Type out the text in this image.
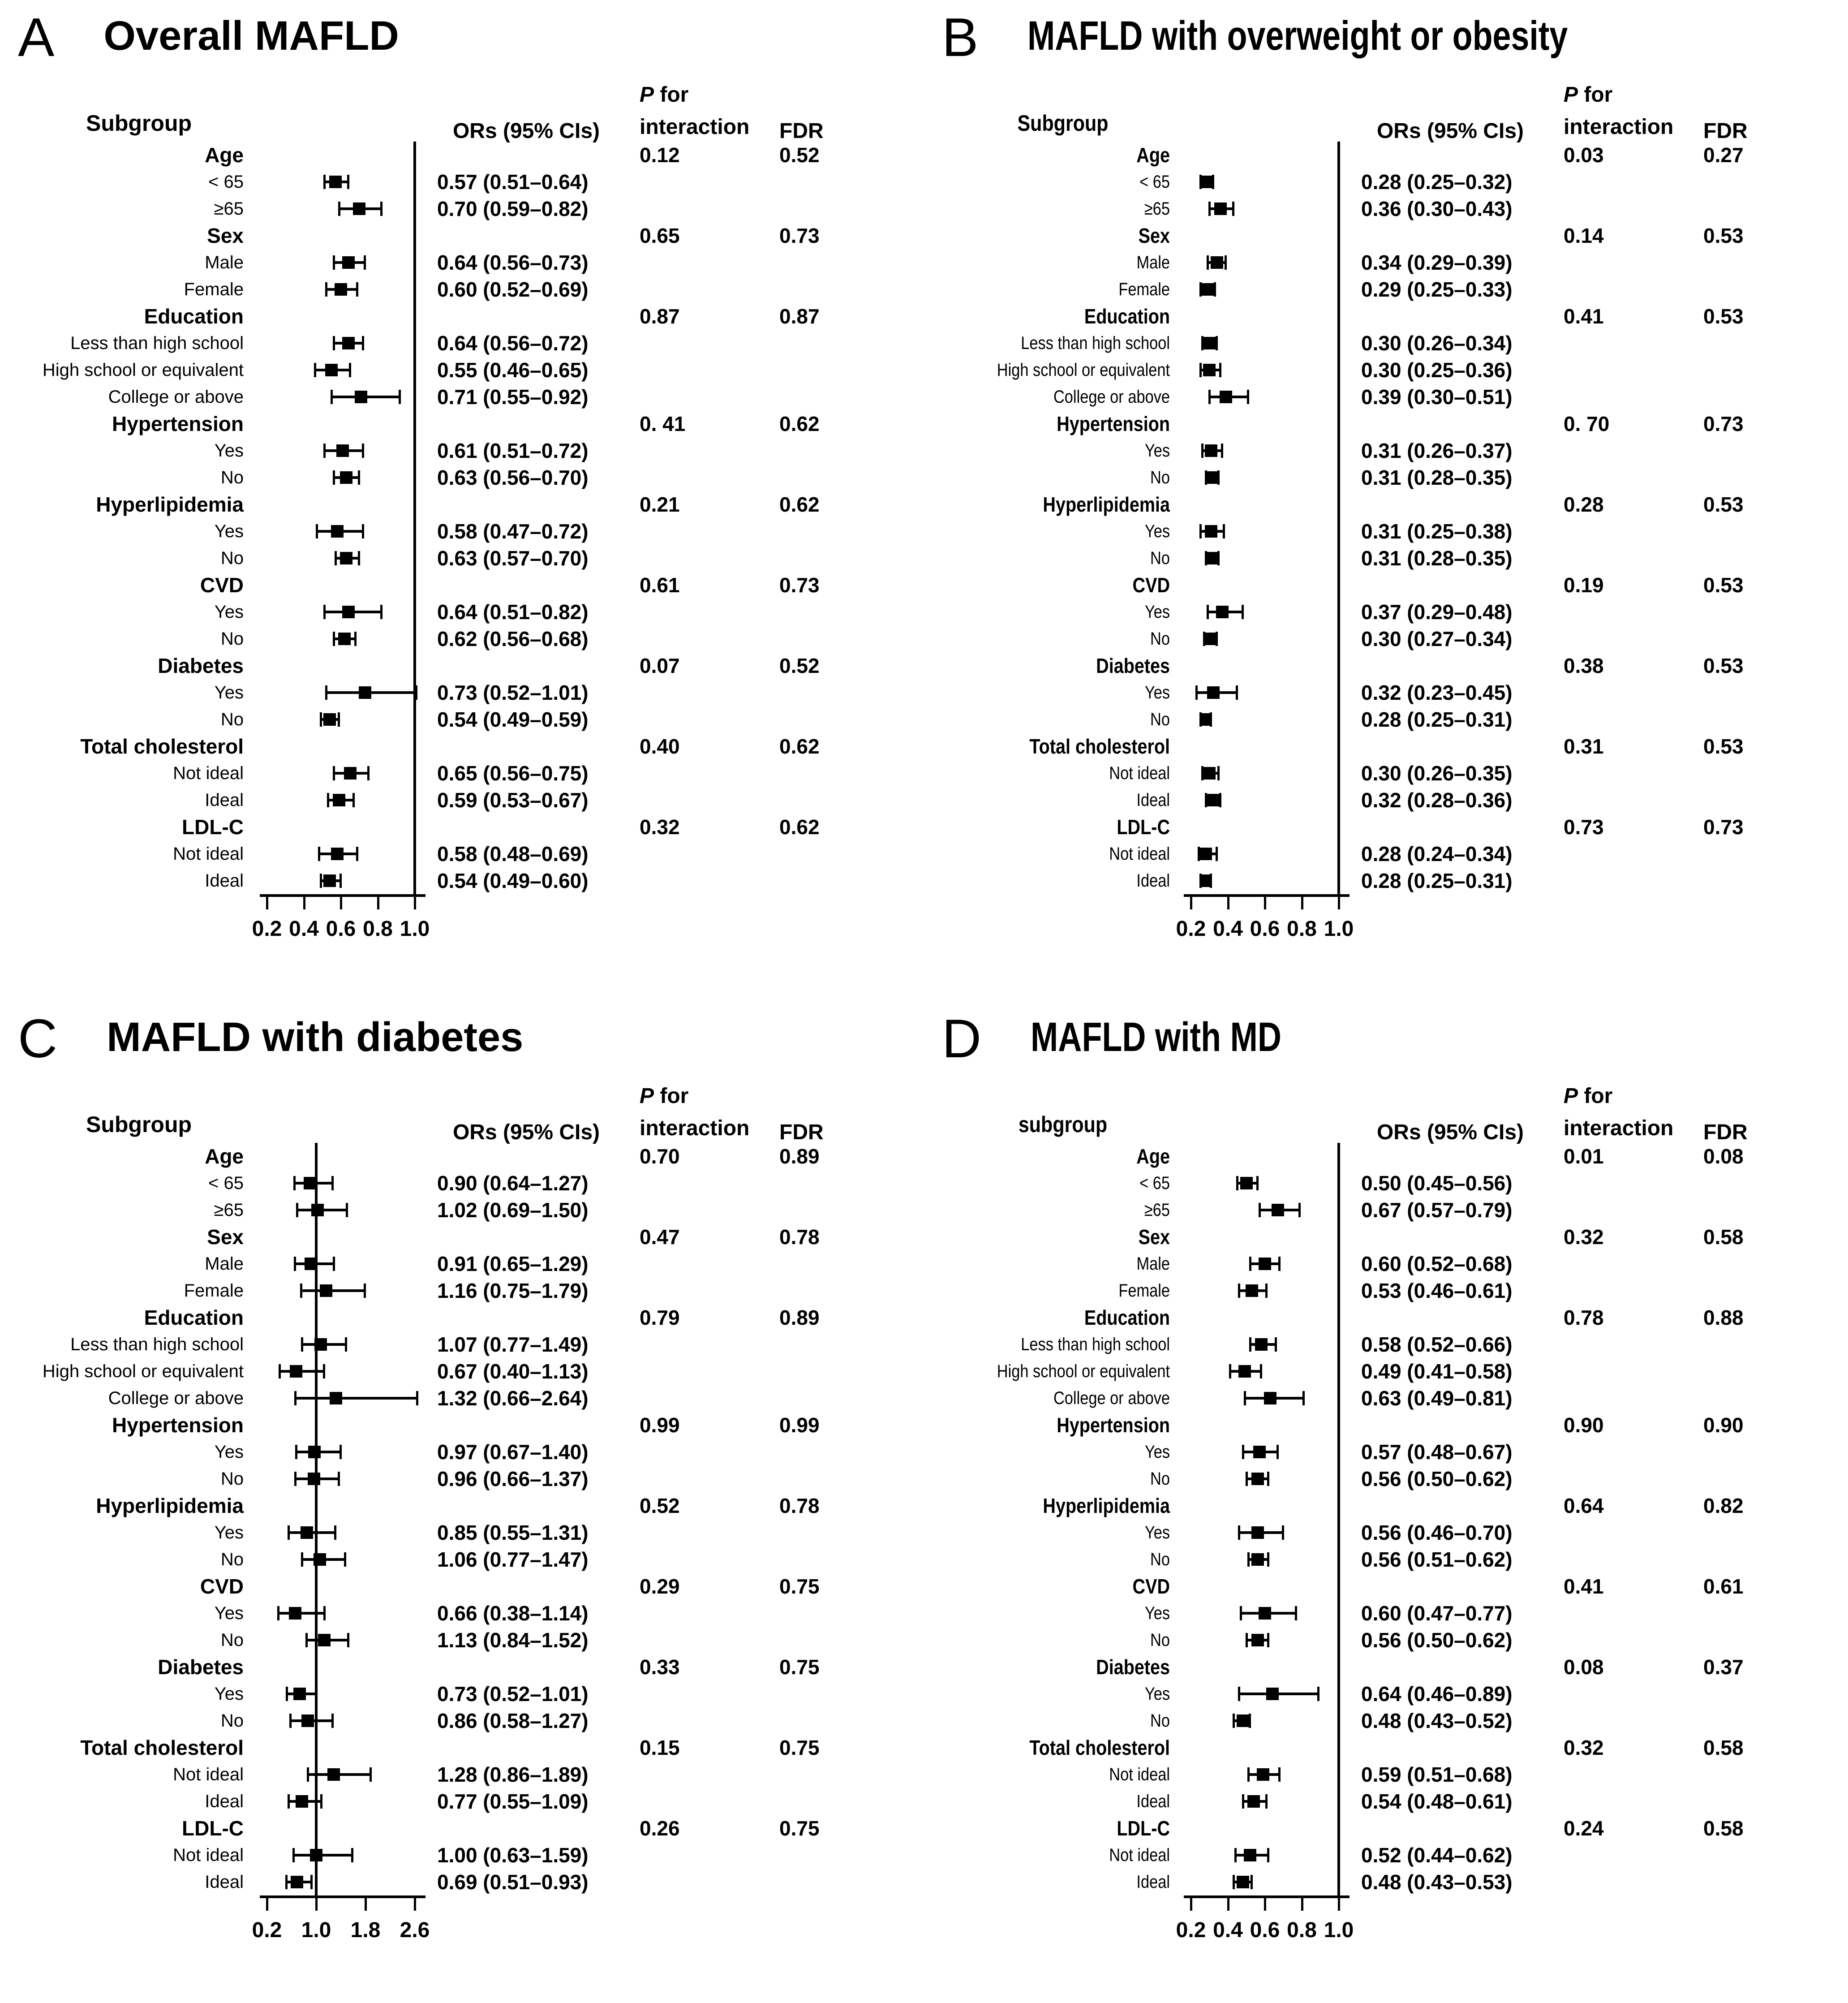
A Overall MAFLD
Subgroup	ORs (95% CIs)
P for
interaction	FDR
Age	0.12	0.52
< 65	0.57 (0.51–0.64)
≥65	0.70 (0.59–0.82)
Sex	0.65	0.73
Male	0.64 (0.56–0.73)
Female	0.60 (0.52–0.69)
Education	0.87	0.87
Less than high school	0.64 (0.56–0.72)
High school or equivalent	0.55 (0.46–0.65)
College or above	0.71 (0.55–0.92)
Hypertension	0. 41	0.62
Yes	0.61 (0.51–0.72)
No	0.63 (0.56–0.70)
Hyperlipidemia	0.21	0.62
Yes	0.58 (0.47–0.72)
No	0.63 (0.57–0.70)
CVD	0.61	0.73
Yes	0.64 (0.51–0.82)
No	0.62 (0.56–0.68)
Diabetes	0.07	0.52
Yes	0.73 (0.52–1.01)
No	0.54 (0.49–0.59)
Total cholesterol	0.40	0.62
Not ideal	0.65 (0.56–0.75)
Ideal	0.59 (0.53–0.67)
LDL-C	0.32	0.62
Not ideal	0.58 (0.48–0.69)
Ideal	0.54 (0.49–0.60)
0.2 0.4 0.6 0.8 1.0
B MAFLD with overweight or obesity
Subgroup	ORs (95% CIs)
P for
interaction	FDR
Age	0.03	0.27
< 65	0.28 (0.25–0.32)
≥65	0.36 (0.30–0.43)
Sex	0.14	0.53
Male	0.34 (0.29–0.39)
Female	0.29 (0.25–0.33)
Education	0.41	0.53
Less than high school	0.30 (0.26–0.34)
High school or equivalent	0.30 (0.25–0.36)
College or above	0.39 (0.30–0.51)
Hypertension	0. 70	0.73
Yes	0.31 (0.26–0.37)
No	0.31 (0.28–0.35)
Hyperlipidemia	0.28	0.53
Yes	0.31 (0.25–0.38)
No	0.31 (0.28–0.35)
CVD	0.19	0.53
Yes	0.37 (0.29–0.48)
No	0.30 (0.27–0.34)
Diabetes	0.38	0.53
Yes	0.32 (0.23–0.45)
No	0.28 (0.25–0.31)
Total cholesterol	0.31	0.53
Not ideal	0.30 (0.26–0.35)
Ideal	0.32 (0.28–0.36)
LDL-C	0.73	0.73
Not ideal	0.28 (0.24–0.34)
Ideal	0.28 (0.25–0.31)
0.2 0.4 0.6 0.8 1.0
C MAFLD with diabetes
Subgroup	ORs (95% CIs)
P for
interaction	FDR
Age	0.70	0.89
< 65	0.90 (0.64–1.27)
≥65	1.02 (0.69–1.50)
Sex	0.47	0.78
Male	0.91 (0.65–1.29)
Female	1.16 (0.75–1.79)
Education	0.79	0.89
Less than high school	1.07 (0.77–1.49)
High school or equivalent	0.67 (0.40–1.13)
College or above	1.32 (0.66–2.64)
Hypertension	0.99	0.99
Yes	0.97 (0.67–1.40)
No	0.96 (0.66–1.37)
Hyperlipidemia	0.52	0.78
Yes	0.85 (0.55–1.31)
No	1.06 (0.77–1.47)
CVD	0.29	0.75
Yes	0.66 (0.38–1.14)
No	1.13 (0.84–1.52)
Diabetes	0.33	0.75
Yes	0.73 (0.52–1.01)
No	0.86 (0.58–1.27)
Total cholesterol	0.15	0.75
Not ideal	1.28 (0.86–1.89)
Ideal	0.77 (0.55–1.09)
LDL-C	0.26	0.75
Not ideal	1.00 (0.63–1.59)
Ideal	0.69 (0.51–0.93)
0.2 1.0 1.8 2.6
D MAFLD with MD
subgroup	ORs (95% CIs)
P for
interaction	FDR
Age	0.01	0.08
< 65	0.50 (0.45–0.56)
≥65	0.67 (0.57–0.79)
Sex	0.32	0.58
Male	0.60 (0.52–0.68)
Female	0.53 (0.46–0.61)
Education	0.78	0.88
Less than high school	0.58 (0.52–0.66)
High school or equivalent	0.49 (0.41–0.58)
College or above	0.63 (0.49–0.81)
Hypertension	0.90	0.90
Yes	0.57 (0.48–0.67)
No	0.56 (0.50–0.62)
Hyperlipidemia	0.64	0.82
Yes	0.56 (0.46–0.70)
No	0.56 (0.51–0.62)
CVD	0.41	0.61
Yes	0.60 (0.47–0.77)
No	0.56 (0.50–0.62)
Diabetes	0.08	0.37
Yes	0.64 (0.46–0.89)
No	0.48 (0.43–0.52)
Total cholesterol	0.32	0.58
Not ideal	0.59 (0.51–0.68)
Ideal	0.54 (0.48–0.61)
LDL-C	0.24	0.58
Not ideal	0.52 (0.44–0.62)
Ideal	0.48 (0.43–0.53)
0.2 0.4 0.6 0.8 1.0
